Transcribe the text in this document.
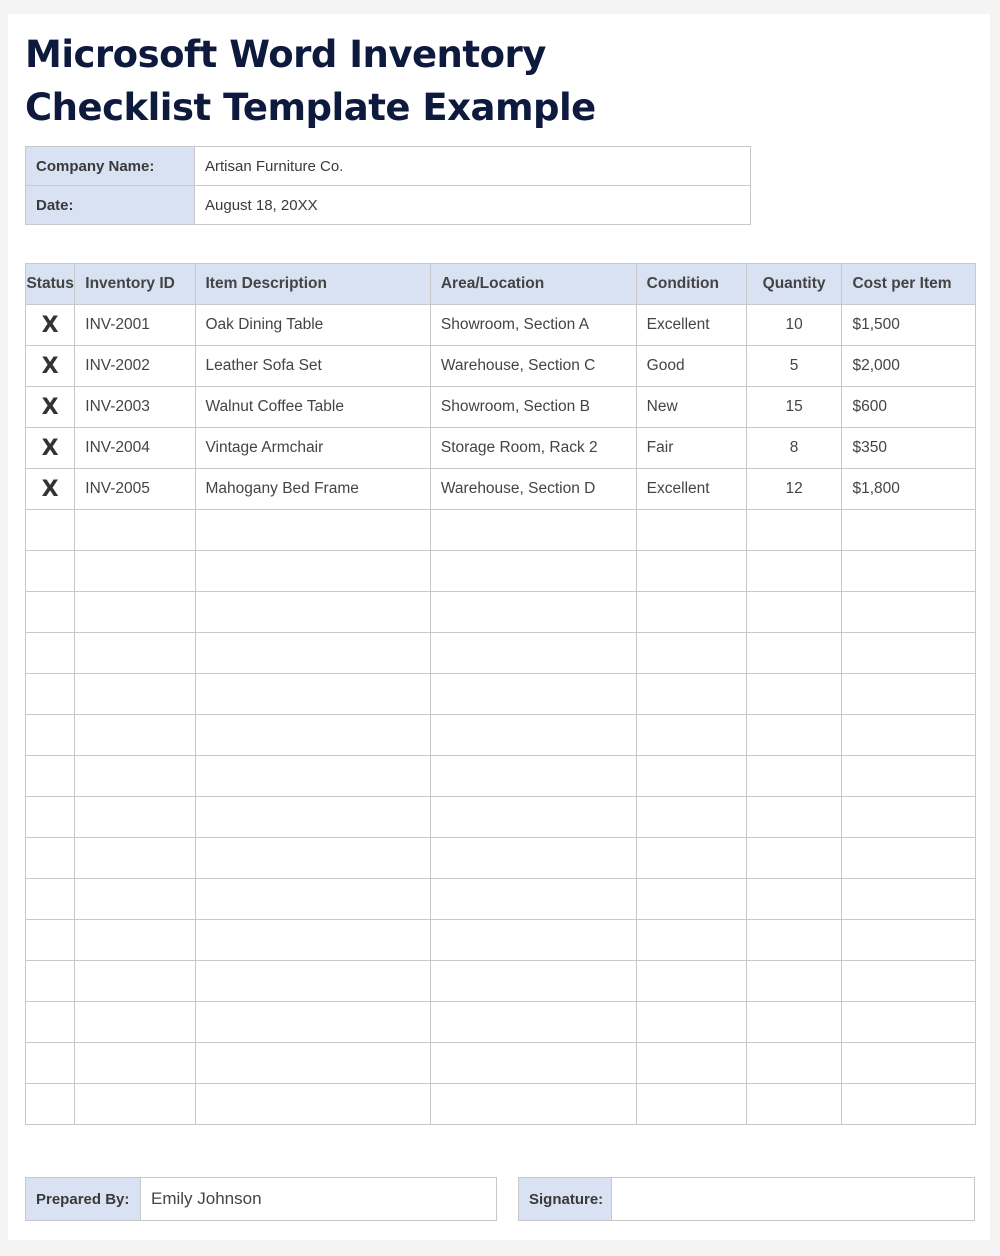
Microsoft Word Inventory
Checklist Template Example
Company Name:	Artisan Furniture Co.
Date:	August 18, 20XX
Status	Inventory ID	Item Description	Area/Location	Condition	Quantity	Cost per Item
X	INV-2001	Oak Dining Table	Showroom, Section A	Excellent	10	$1,500
X	INV-2002	Leather Sofa Set	Warehouse, Section C	Good	5	$2,000
X	INV-2003	Walnut Coffee Table	Showroom, Section B	New	15	$600
X	INV-2004	Vintage Armchair	Storage Room, Rack 2	Fair	8	$350
X	INV-2005	Mahogany Bed Frame	Warehouse, Section D	Excellent	12	$1,800

Prepared By:	Emily Johnson	Signature:	
